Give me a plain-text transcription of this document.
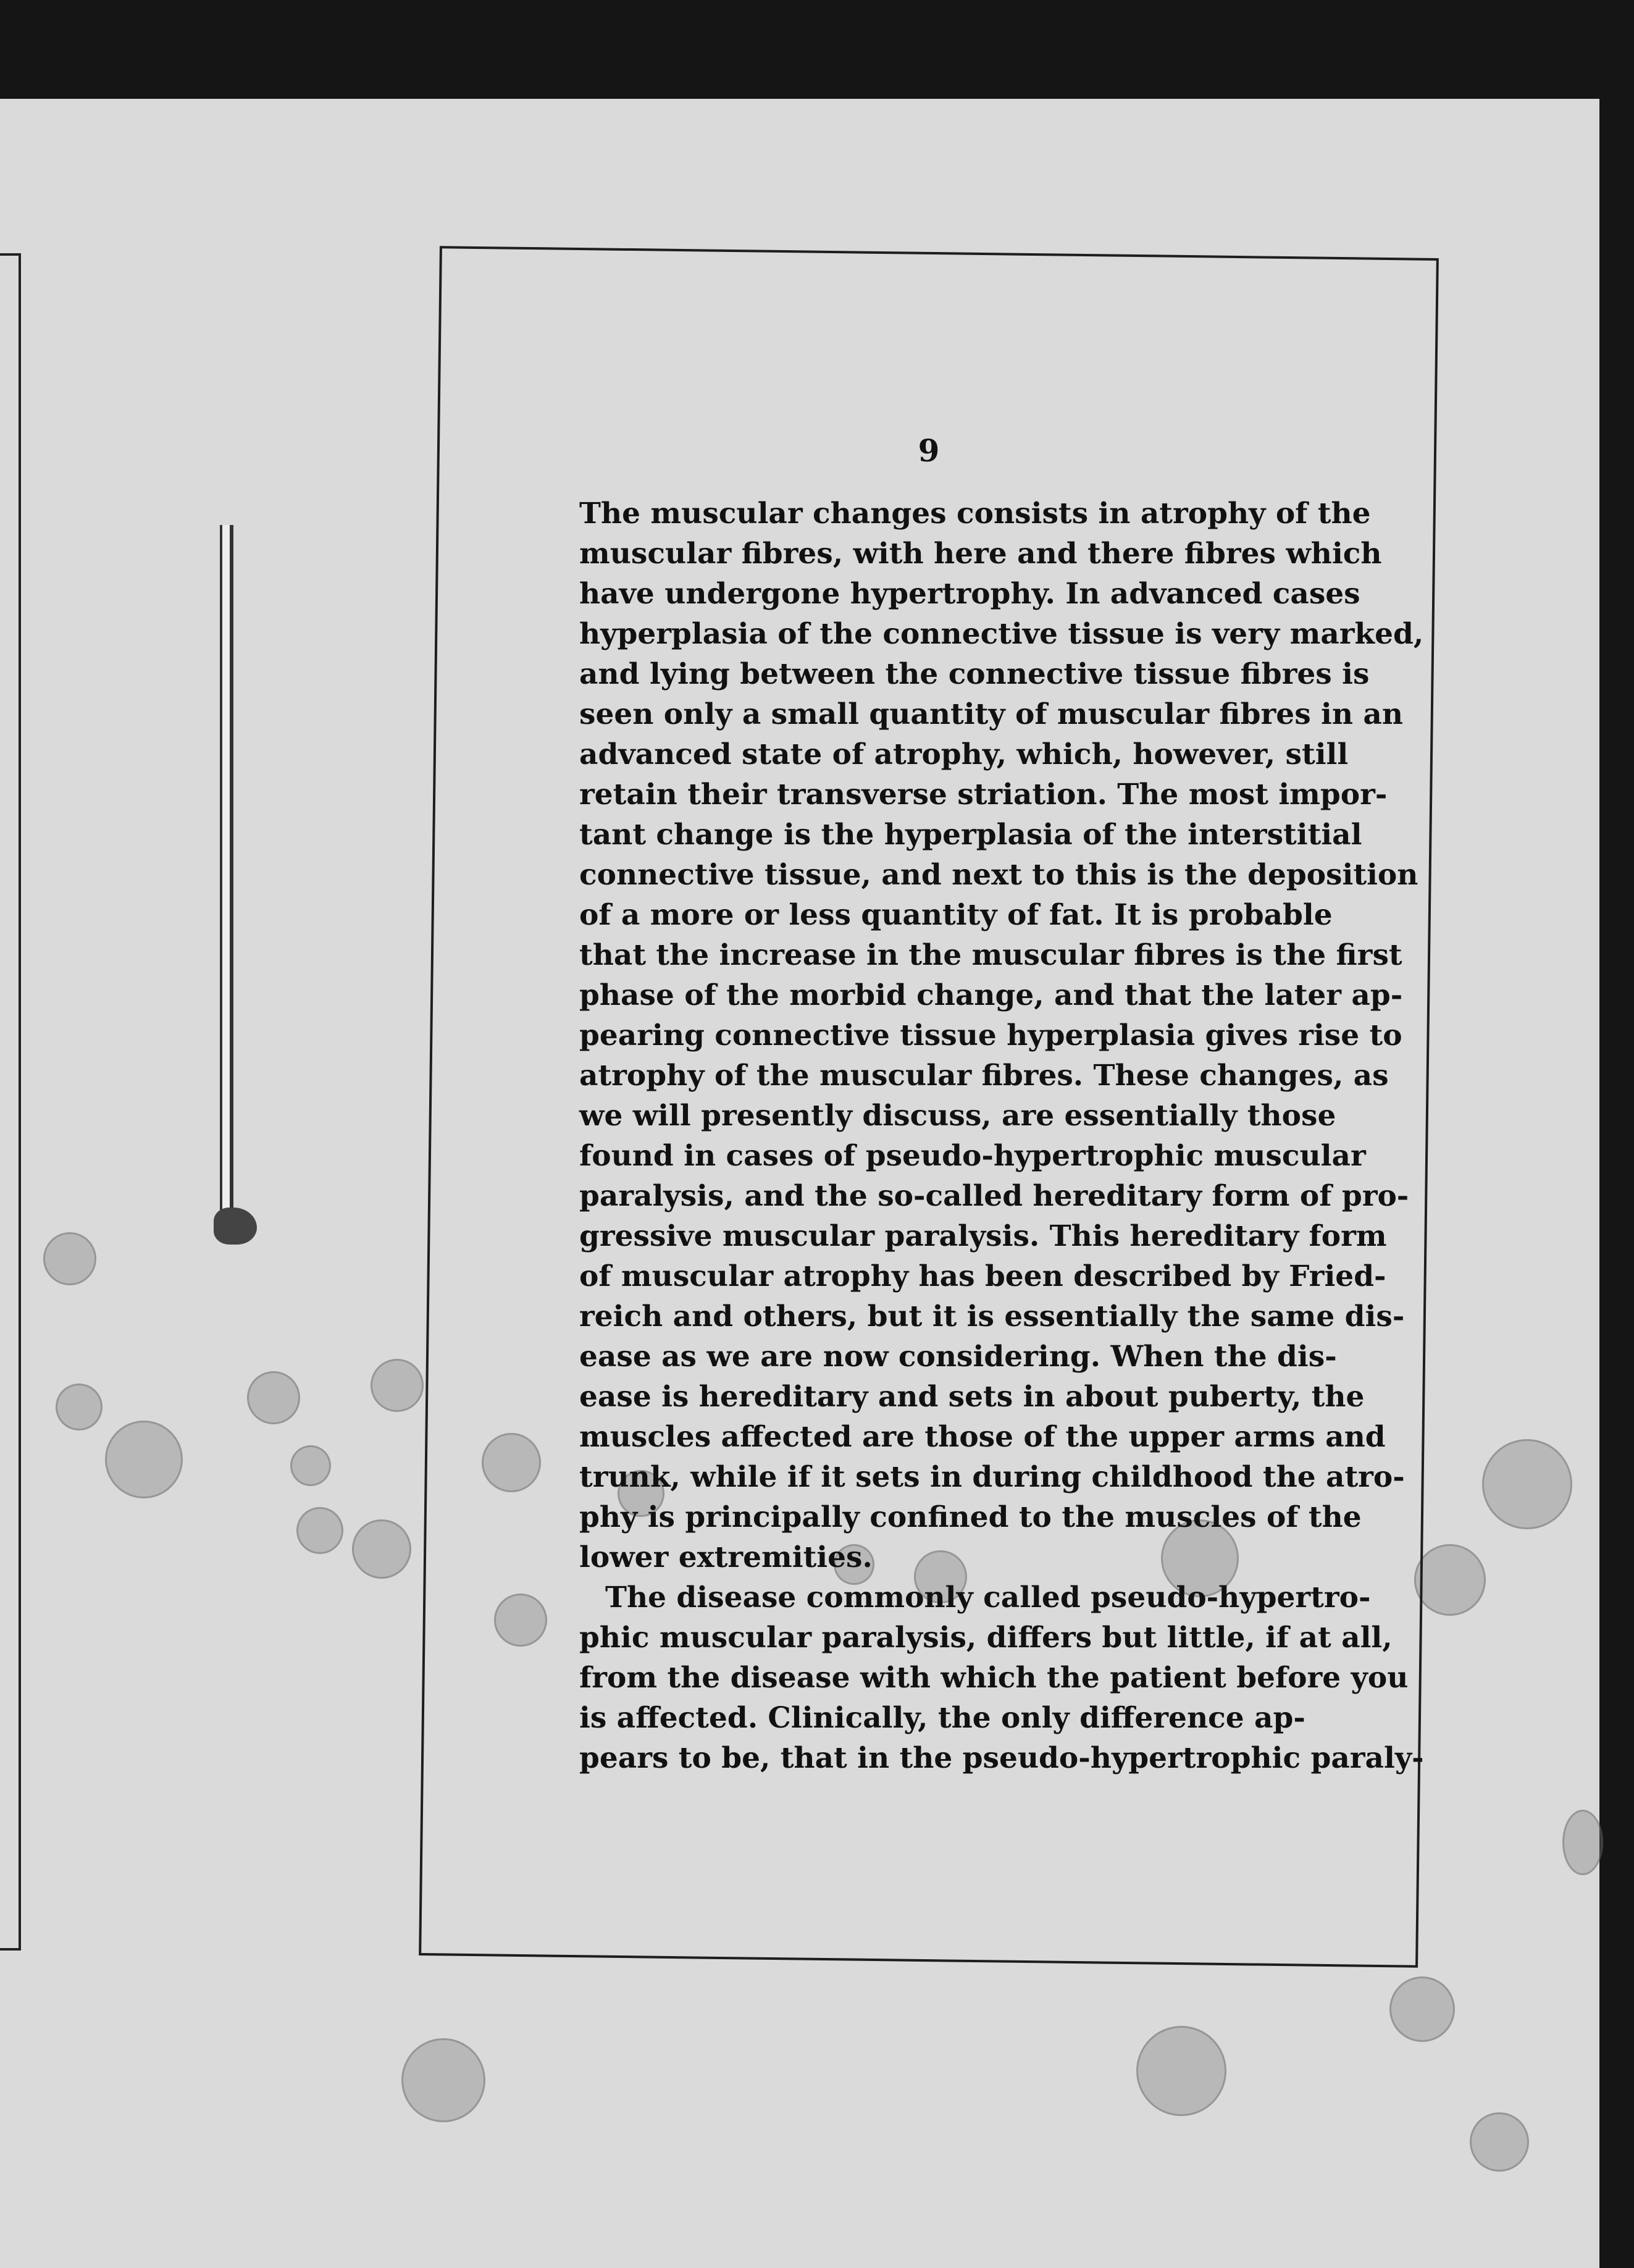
9
The muscular changes consists in atrophy of the
muscular fibres, with here and there fibres which
have undergone hypertrophy. In advanced cases
hyperplasia of the connective tissue is very marked,
and lying between the connective tissue fibres is
seen only a small quantity of muscular fibres in an
advanced state of atrophy, which, however, still
retain their transverse striation. The most impor-
tant change is the hyperplasia of the interstitial
connective tissue, and next to this is the deposition
of a more or less quantity of fat. It is probable
that the increase in the muscular fibres is the first
phase of the morbid change, and that the later ap-
pearing connective tissue hyperplasia gives rise to
atrophy of the muscular fibres. These changes, as
we will presently discuss, are essentially those
found in cases of pseudo-hypertrophic muscular
paralysis, and the so-called hereditary form of pro-
gressive muscular paralysis. This hereditary form
of muscular atrophy has been described by Fried-
reich and others, but it is essentially the same dis-
ease as we are now considering. When the dis-
ease is hereditary and sets in about puberty, the
muscles affected are those of the upper arms and
trunk, while if it sets in during childhood the atro-
phy is principally confined to the muscles of the
lower extremities.
The disease commonly called pseudo-hypertro-
phic muscular paralysis, differs but little, if at all,
from the disease with which the patient before you
is affected. Clinically, the only difference ap-
pears to be, that in the pseudo-hypertrophic paraly-
